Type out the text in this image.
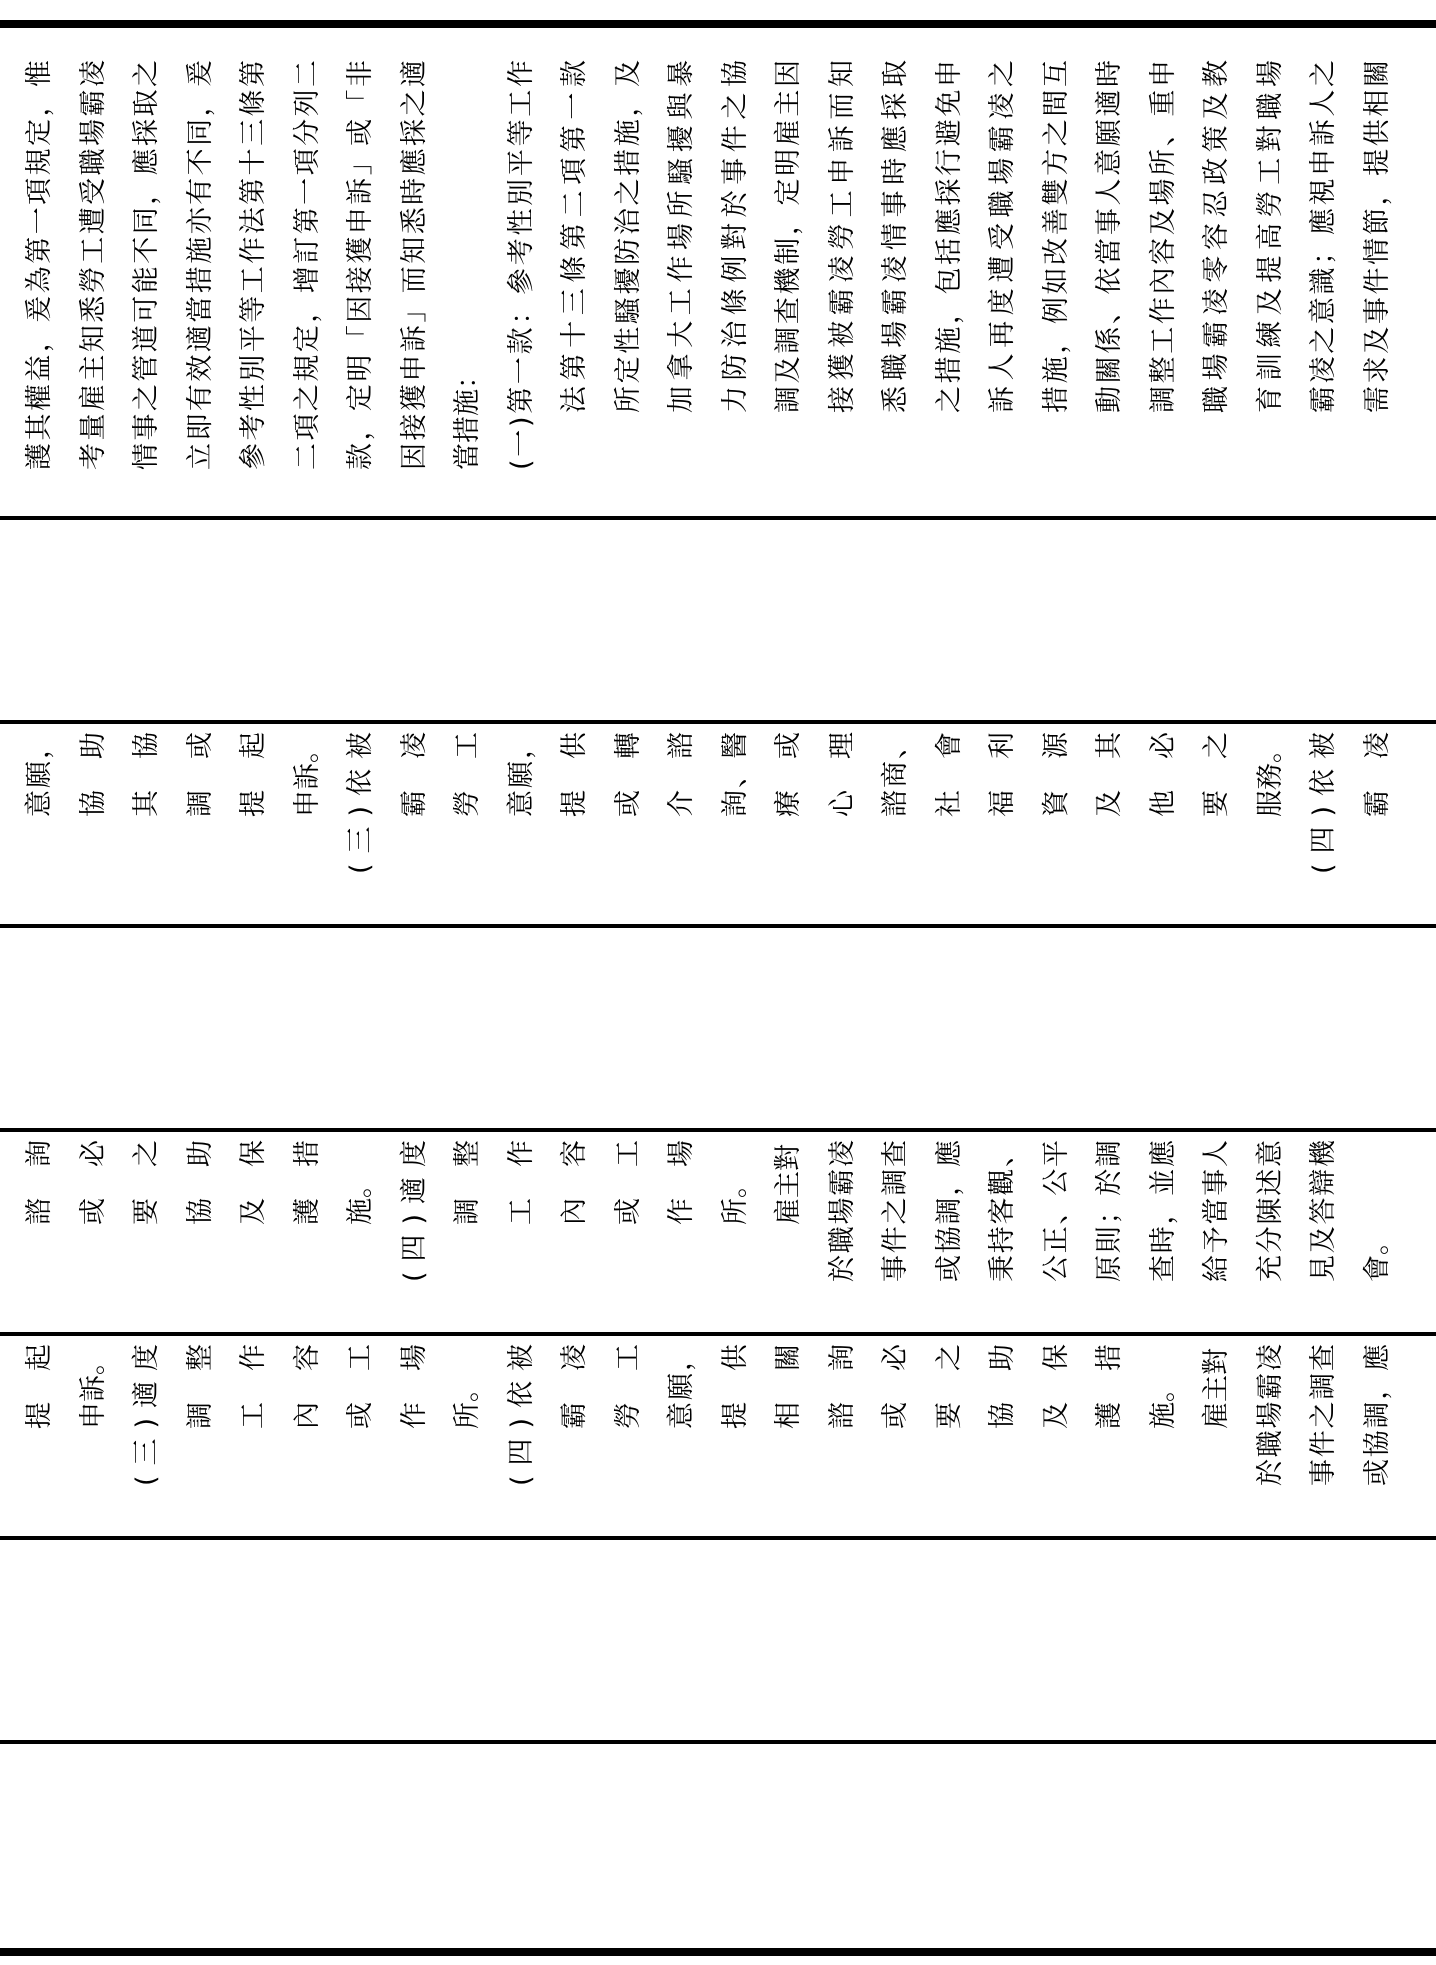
提起 申訴。 (三)適度 調整 工作 內容 或工 作場 所。 (四)依被 霸凌 勞工 意願， 提供 相關 諮詢 或必 要之 協助 及保 護措 施。 雇主對 於職場霸凌 事件之調查 或協調，應
諮詢 或必 要之 協助 及保 護措 施。 (四)適度 調整 工作 內容 或工 作場 所。 雇主對 於職場霸凌 事件之調查 或協調，應 秉持客觀、 公正、公平 原則；於調 查時，並應 給予當事人 充分陳述意 見及答辯機 會。
意願， 協助 其協 調或 提起 申訴。 (三)依被 霸凌 勞工 意願， 提供 或轉 介諮 詢、醫 療或 心理 諮商、 社會 福利 資源 及其 他必 要之 服務。 (四)依被 霸凌
護其權益，爰為第一項規定，惟 考量雇主知悉勞工遭受職場霸凌 情事之管道可能不同，應採取之 立即有效適當措施亦有不同，爰 參考性別平等工作法第十三條第 二項之規定，增訂第一項分列二 款，定明「因接獲申訴」或「非 因接獲申訴」而知悉時應採之適 當措施： (一)第一款：參考性別平等工作 法第十三條第二項第一款 所定性騷擾防治之措施，及 加拿大工作場所騷擾與暴 力防治條例對於事件之協 調及調查機制，定明雇主因 接獲被霸凌勞工申訴而知 悉職場霸凌情事時應採取 之措施，包括應採行避免申 訴人再度遭受職場霸凌之 措施，例如改善雙方之間互 動關係、依當事人意願適時 調整工作內容及場所、重申 職場霸凌零容忍政策及教 育訓練及提高勞工對職場 霸凌之意識；應視申訴人之 需求及事件情節，提供相關
